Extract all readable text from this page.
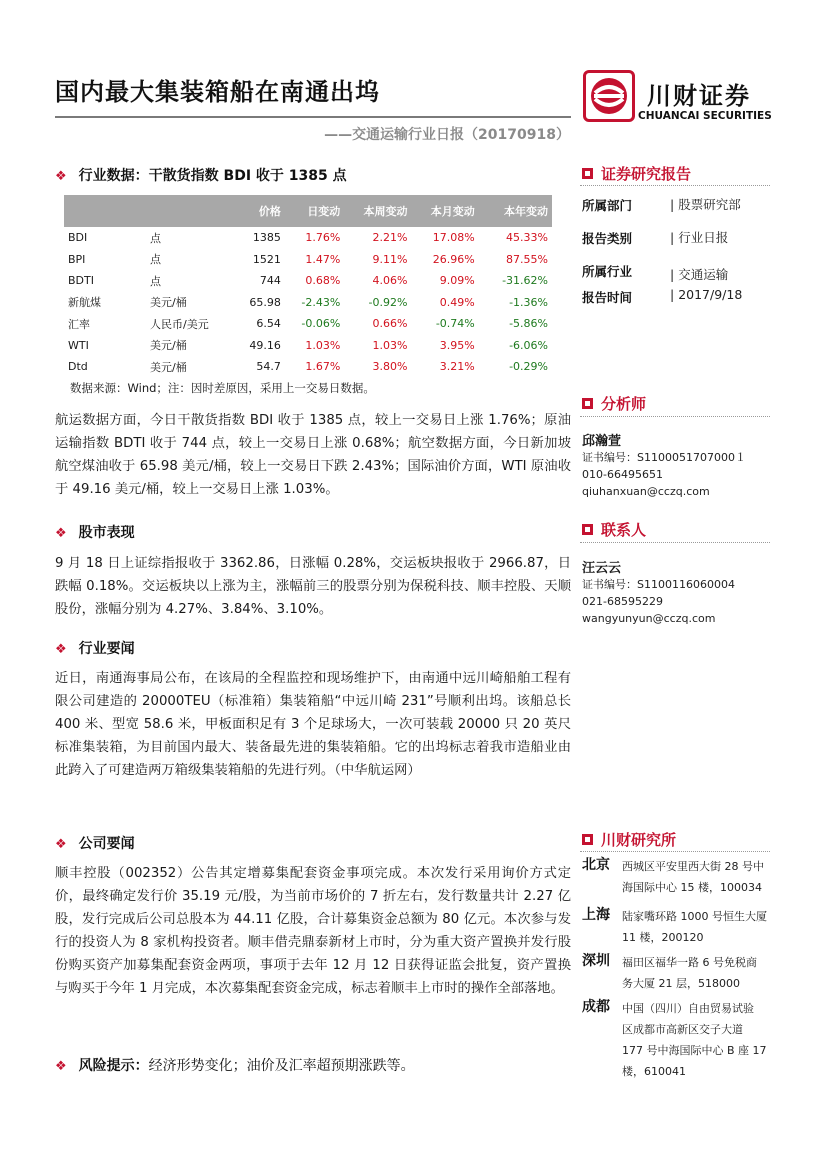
国内最大集装箱船在南通出坞
——交通运输行业日报（20170918）
川财证券
CHUANCAI SECURITIES
❖ 行业数据：干散货指数 BDI 收于 1385 点
		价格	日变动	本周变动	本月变动	本年变动
BDI	点	1385	1.76%	2.21%	17.08%	45.33%
BPI	点	1521	1.47%	9.11%	26.96%	87.55%
BDTI	点	744	0.68%	4.06%	9.09%	-31.62%
新航煤	美元/桶	65.98	-2.43%	-0.92%	0.49%	-1.36%
汇率	人民币/美元	6.54	-0.06%	0.66%	-0.74%	-5.86%
WTI	美元/桶	49.16	1.03%	1.03%	3.95%	-6.06%
Dtd	美元/桶	54.7	1.67%	3.80%	3.21%	-0.29%
数据来源：Wind；注：因时差原因，采用上一交易日数据。
航运数据方面，今日干散货指数 BDI 收于 1385 点，较上一交易日上涨 1.76%；原油运输指数 BDTI 收于 744 点，较上一交易日上涨 0.68%；航空数据方面，今日新加坡航空煤油收于 65.98 美元/桶，较上一交易日下跌 2.43%；国际油价方面，WTI 原油收于 49.16 美元/桶，较上一交易日上涨 1.03%。
❖ 股市表现
9 月 18 日上证综指报收于 3362.86，日涨幅 0.28%，交运板块报收于 2966.87，日跌幅 0.18%。交运板块以上涨为主，涨幅前三的股票分别为保税科技、顺丰控股、天顺股份，涨幅分别为 4.27%、3.84%、3.10%。
❖ 行业要闻
近日，南通海事局公布，在该局的全程监控和现场维护下，由南通中远川崎船舶工程有限公司建造的 20000TEU（标准箱）集装箱船“中远川崎 231”号顺利出坞。该船总长 400 米、型宽 58.6 米，甲板面积足有 3 个足球场大，一次可装载 20000 只 20 英尺标准集装箱，为目前国内最大、装备最先进的集装箱船。它的出坞标志着我市造船业由此跨入了可建造两万箱级集装箱船的先进行列。（中华航运网）
❖ 公司要闻
顺丰控股（002352）公告其定增募集配套资金事项完成。本次发行采用询价方式定价，最终确定发行价 35.19 元/股，为当前市场价的 7 折左右，发行数量共计 2.27 亿股，发行完成后公司总股本为 44.11 亿股，合计募集资金总额为 80 亿元。本次参与发行的投资人为 8 家机构投资者。顺丰借壳鼎泰新材上市时，分为重大资产置换并发行股份购买资产加募集配套资金两项，事项于去年 12 月 12 日获得证监会批复，资产置换与购买于今年 1 月完成，本次募集配套资金完成，标志着顺丰上市时的操作全部落地。
❖ 风险提示：经济形势变化；油价及汇率超预期涨跌等。
证券研究报告
所属部门	| 股票研究部
报告类别	| 行业日报
所属行业	| 交通运输
报告时间	| 2017/9/18
分析师
邱瀚萱
证书编号：S1100051707000１
010-66495651
qiuhanxuan@cczq.com
联系人
汪云云
证书编号：S1100116060004
021-68595229
wangyunyun@cczq.com
川财研究所
北京 西城区平安里西大街 28 号中
海国际中心 15 楼，100034
上海 陆家嘴环路 1000 号恒生大厦
11 楼，200120
深圳 福田区福华一路 6 号免税商
务大厦 21 层，518000
成都 中国（四川）自由贸易试验
区成都市高新区交子大道
177 号中海国际中心 B 座 17
楼，610041
